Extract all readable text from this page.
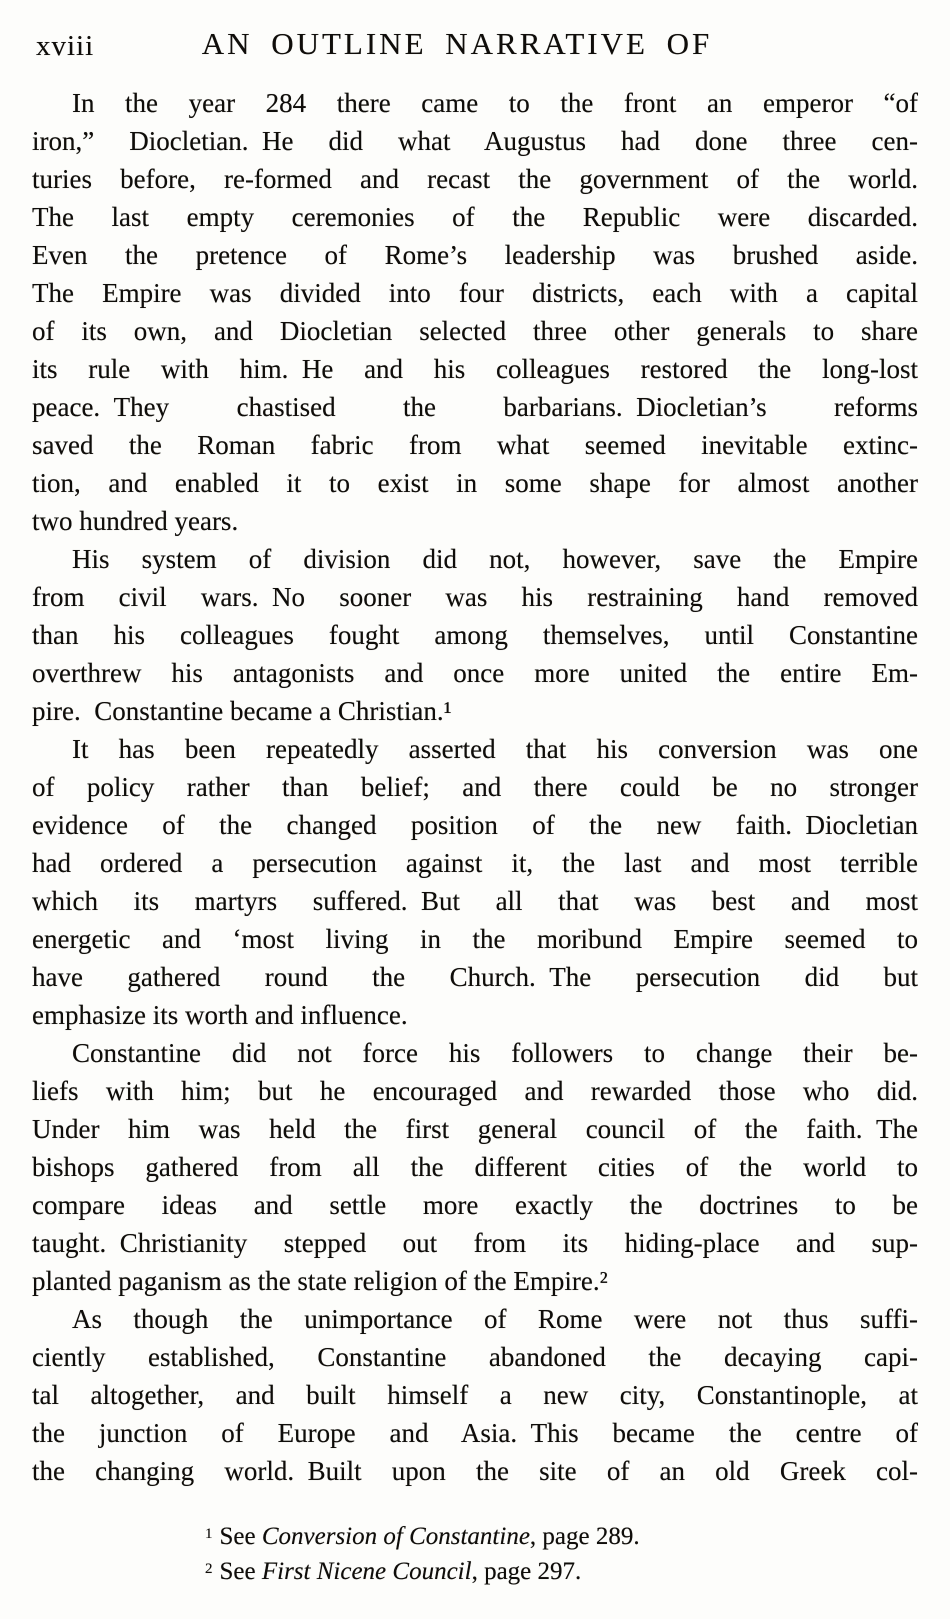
xviii	AN OUTLINE NARRATIVE OF
In the year 284 there came to the front an emperor “of
iron,” Diocletian. He did what Augustus had done three cen-
turies before, re-formed and recast the government of the world.
The last empty ceremonies of the Republic were discarded.
Even the pretence of Rome’s leadership was brushed aside.
The Empire was divided into four districts, each with a capital
of its own, and Diocletian selected three other generals to share
its rule with him. He and his colleagues restored the long-lost
peace. They chastised the barbarians. Diocletian’s reforms
saved the Roman fabric from what seemed inevitable extinc-
tion, and enabled it to exist in some shape for almost another
two hundred years.
His system of division did not, however, save the Empire
from civil wars. No sooner was his restraining hand removed
than his colleagues fought among themselves, until Constantine
overthrew his antagonists and once more united the entire Em-
pire. Constantine became a Christian.¹
It has been repeatedly asserted that his conversion was one
of policy rather than belief; and there could be no stronger
evidence of the changed position of the new faith. Diocletian
had ordered a persecution against it, the last and most terrible
which its martyrs suffered. But all that was best and most
energetic and ‘most living in the moribund Empire seemed to
have gathered round the Church. The persecution did but
emphasize its worth and influence.
Constantine did not force his followers to change their be-
liefs with him; but he encouraged and rewarded those who did.
Under him was held the first general council of the faith. The
bishops gathered from all the different cities of the world to
compare ideas and settle more exactly the doctrines to be
taught. Christianity stepped out from its hiding-place and sup-
planted paganism as the state religion of the Empire.²
As though the unimportance of Rome were not thus suffi-
ciently established, Constantine abandoned the decaying capi-
tal altogether, and built himself a new city, Constantinople, at
the junction of Europe and Asia. This became the centre of
the changing world. Built upon the site of an old Greek col-
$^1$ See Conversion of Constantine, page 289.
$^2$ See First Nicene Council, page 297.
